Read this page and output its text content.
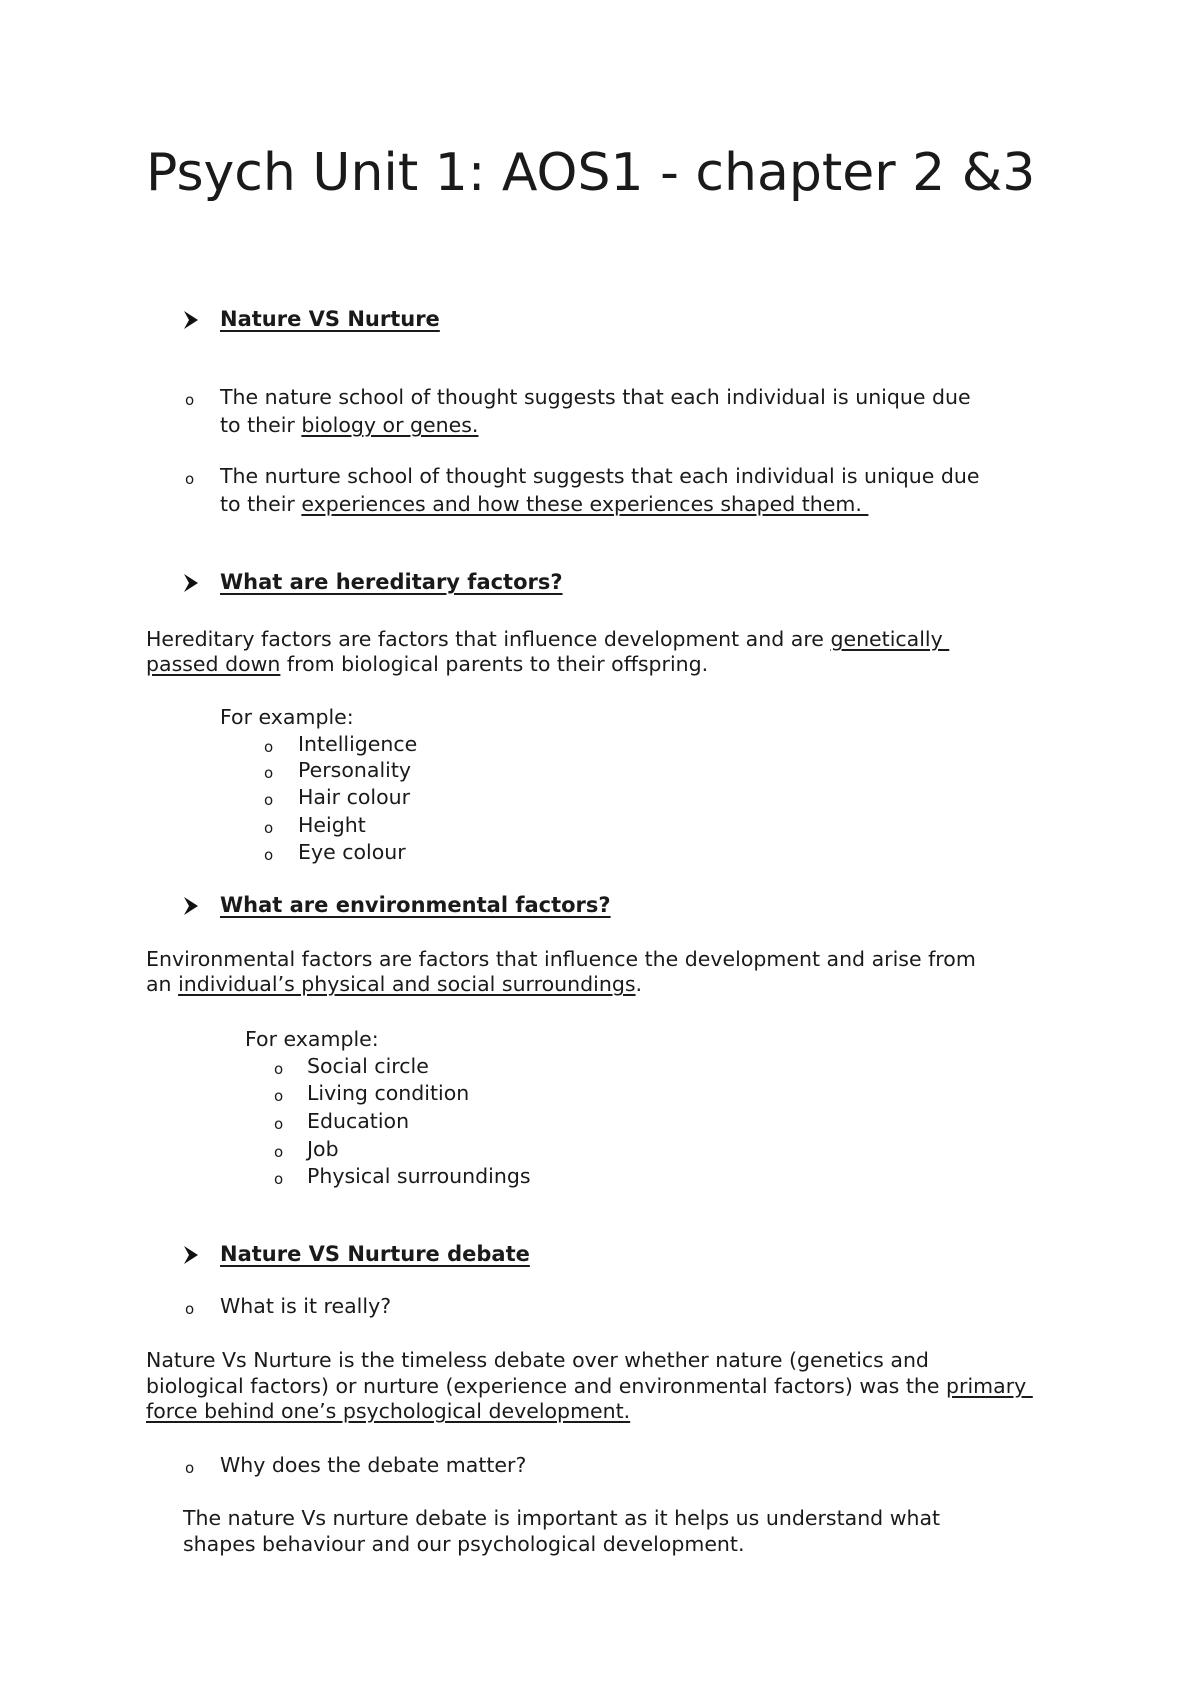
Psych Unit 1: AOS1 - chapter 2 &3
Nature VS Nurture
o The nature school of thought suggests that each individual is unique due
to their biology or genes.
o The nurture school of thought suggests that each individual is unique due
to their experiences and how these experiences shaped them.
What are hereditary factors?
Hereditary factors are factors that influence development and are genetically
passed down from biological parents to their offspring.
For example:
o Intelligence
o Personality
o Hair colour
o Height
o Eye colour
What are environmental factors?
Environmental factors are factors that influence the development and arise from
an individual’s physical and social surroundings.
For example:
o Social circle
o Living condition
o Education
o Job
o Physical surroundings
Nature VS Nurture debate
o What is it really?
Nature Vs Nurture is the timeless debate over whether nature (genetics and
biological factors) or nurture (experience and environmental factors) was the primary
force behind one’s psychological development.
o Why does the debate matter?
The nature Vs nurture debate is important as it helps us understand what
shapes behaviour and our psychological development.
